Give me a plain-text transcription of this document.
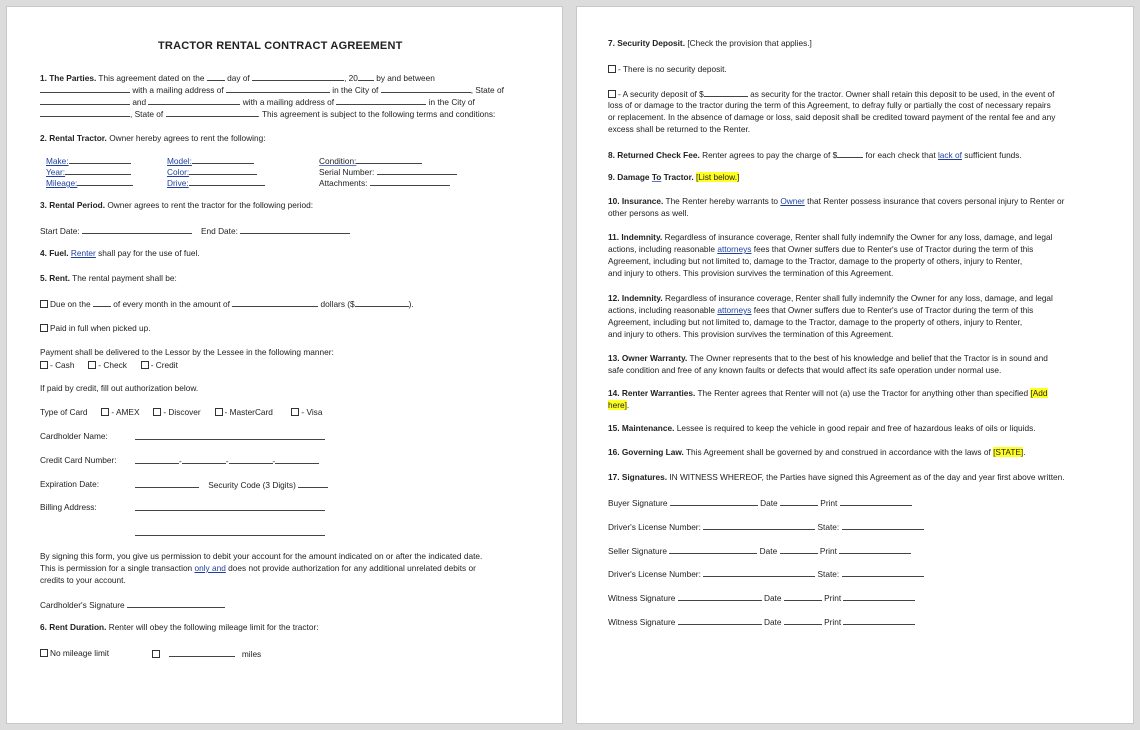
TRACTOR RENTAL CONTRACT AGREEMENT
1. The Parties. This agreement dated on the	day of	, 20 by and between
with a mailing address of	in the City of	, State of
and	with a mailing address of	in the City of
, State of	. This agreement is subject to the following terms and conditions:
2. Rental Tractor. Owner hereby agrees to rent the following:
Make:	Model:	Condition:
Year:	Color:	Serial Number:
Mileage:	Drive:	Attachments:
3. Rental Period. Owner agrees to rent the tractor for the following period:
Start Date:	End Date:
4. Fuel. Renter shall pay for the use of fuel.
5. Rent. The rental payment shall be:
Due on the	of every month in the amount of	dollars ($	).
Paid in full when picked up.
Payment shall be delivered to the Lessor by the Lessee in the following manner:
- Cash	- Check	- Credit
If paid by credit, fill out authorization below.
Type of Card	- AMEX	- Discover	- MasterCard	- Visa
Cardholder Name:
Credit Card Number:	-	-	-
Expiration Date:	Security Code (3 Digits)
Billing Address:
By signing this form, you give us permission to debit your account for the amount indicated on or after the indicated date.
This is permission for a single transaction only and does not provide authorization for any additional unrelated debits or
credits to your account.
Cardholder's Signature
6. Rent Duration. Renter will obey the following mileage limit for the tractor:
No mileage limit	miles
7. Security Deposit. [Check the provision that applies.]
- There is no security deposit.
- A security deposit of $	as security for the tractor. Owner shall retain this deposit to be used, in the event of
loss of or damage to the tractor during the term of this Agreement, to defray fully or partially the cost of necessary repairs
or replacement. In the absence of damage or loss, said deposit shall be credited toward payment of the rental fee and any
excess shall be returned to the Renter.
8. Returned Check Fee. Renter agrees to pay the charge of $	for each check that lack of sufficient funds.
9. Damage To Tractor. [List below.]
10. Insurance. The Renter hereby warrants to Owner that Renter possess insurance that covers personal injury to Renter or
other persons as well.
11. Indemnity. Regardless of insurance coverage, Renter shall fully indemnify the Owner for any loss, damage, and legal
actions, including reasonable attorneys fees that Owner suffers due to Renter's use of Tractor during the term of this
Agreement, including but not limited to, damage to the Tractor, damage to the property of others, injury to Renter,
and injury to others. This provision survives the termination of this Agreement.
12. Indemnity. Regardless of insurance coverage, Renter shall fully indemnify the Owner for any loss, damage, and legal
actions, including reasonable attorneys fees that Owner suffers due to Renter's use of Tractor during the term of this
Agreement, including but not limited to, damage to the Tractor, damage to the property of others, injury to Renter,
and injury to others. This provision survives the termination of this Agreement.
13. Owner Warranty. The Owner represents that to the best of his knowledge and belief that the Tractor is in sound and
safe condition and free of any known faults or defects that would affect its safe operation under normal use.
14. Renter Warranties. The Renter agrees that Renter will not (a) use the Tractor for anything other than specified [Add
here].
15. Maintenance. Lessee is required to keep the vehicle in good repair and free of hazardous leaks of oils or liquids.
16. Governing Law. This Agreement shall be governed by and construed in accordance with the laws of [STATE].
17. Signatures. IN WITNESS WHEREOF, the Parties have signed this Agreement as of the day and year first above written.
Buyer Signature	Date	Print
Driver's License Number:	State:
Seller Signature	Date	Print
Driver's License Number:	State:
Witness Signature	Date	Print
Witness Signature	Date	Print
